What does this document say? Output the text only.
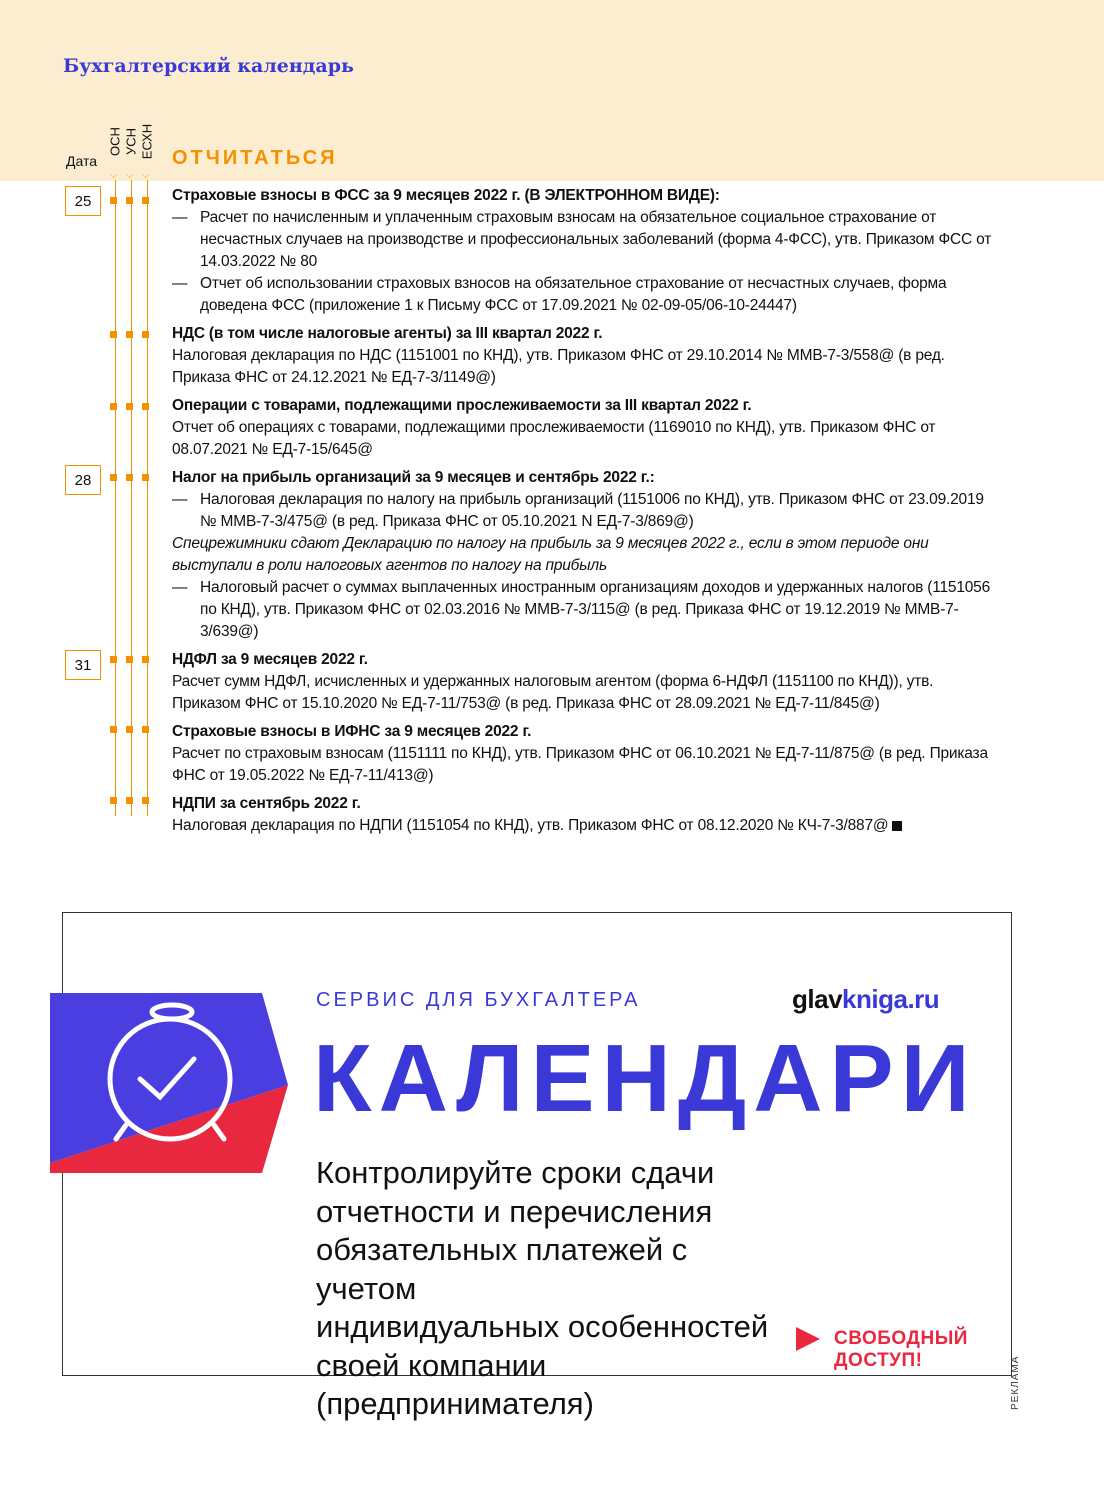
Бухгалтерский календарь
Дата
ОСН УСН ЕСХН ОТЧИТАТЬСЯ
⌵ ⌵ ⌵
25
28
31
Страховые взносы в ФСС за 9 месяцев 2022 г. (В ЭЛЕКТРОННОМ ВИДЕ):
— Расчет по начисленным и уплаченным страховым взносам на обязательное социальное страхование от несчастных случаев на производстве и профессиональных заболеваний (форма 4-ФСС), утв. Приказом ФСС от 14.03.2022 № 80
— Отчет об использовании страховых взносов на обязательное страхование от несчастных случаев, форма доведена ФСС (приложение 1 к Письму ФСС от 17.09.2021 № 02-09-05/06-10-24447)
НДС (в том числе налоговые агенты) за III квартал 2022 г.
Налоговая декларация по НДС (1151001 по КНД), утв. Приказом ФНС от 29.10.2014 № ММВ-7-3/558@ (в ред. Приказа ФНС от 24.12.2021 № ЕД-7-3/1149@)
Операции с товарами, подлежащими прослеживаемости за III квартал 2022 г.
Отчет об операциях с товарами, подлежащими прослеживаемости (1169010 по КНД), утв. Приказом ФНС от 08.07.2021 № ЕД-7-15/645@
Налог на прибыль организаций за 9 месяцев и сентябрь 2022 г.:
— Налоговая декларация по налогу на прибыль организаций (1151006 по КНД), утв. Приказом ФНС от 23.09.2019 № ММВ-7-3/475@ (в ред. Приказа ФНС от 05.10.2021 N ЕД-7-3/869@)
Спецрежимники сдают Декларацию по налогу на прибыль за 9 месяцев 2022 г., если в этом периоде они выступали в роли налоговых агентов по налогу на прибыль
— Налоговый расчет о суммах выплаченных иностранным организациям доходов и удержанных налогов (1151056 по КНД), утв. Приказом ФНС от 02.03.2016 № ММВ-7-3/115@ (в ред. Приказа ФНС от 19.12.2019 № ММВ-7-3/639@)
НДФЛ за 9 месяцев 2022 г.
Расчет сумм НДФЛ, исчисленных и удержанных налоговым агентом (форма 6-НДФЛ (1151100 по КНД)), утв. Приказом ФНС от 15.10.2020 № ЕД-7-11/753@ (в ред. Приказа ФНС от 28.09.2021 № ЕД-7-11/845@)
Страховые взносы в ИФНС за 9 месяцев 2022 г.
Расчет по страховым взносам (1151111 по КНД), утв. Приказом ФНС от 06.10.2021 № ЕД-7-11/875@ (в ред. Приказа ФНС от 19.05.2022 № ЕД-7-11/413@)
НДПИ за сентябрь 2022 г.
Налоговая декларация по НДПИ (1151054 по КНД), утв. Приказом ФНС от 08.12.2020 № КЧ-7-3/887@
СЕРВИС ДЛЯ БУХГАЛТЕРА	glavkniga.ru
КАЛЕНДАРИ
Контролируйте сроки сдачи
отчетности и перечисления
обязательных платежей с учетом
индивидуальных особенностей
своей компании
(предпринимателя)
СВОБОДНЫЙ
ДОСТУП!	РЕКЛАМА
